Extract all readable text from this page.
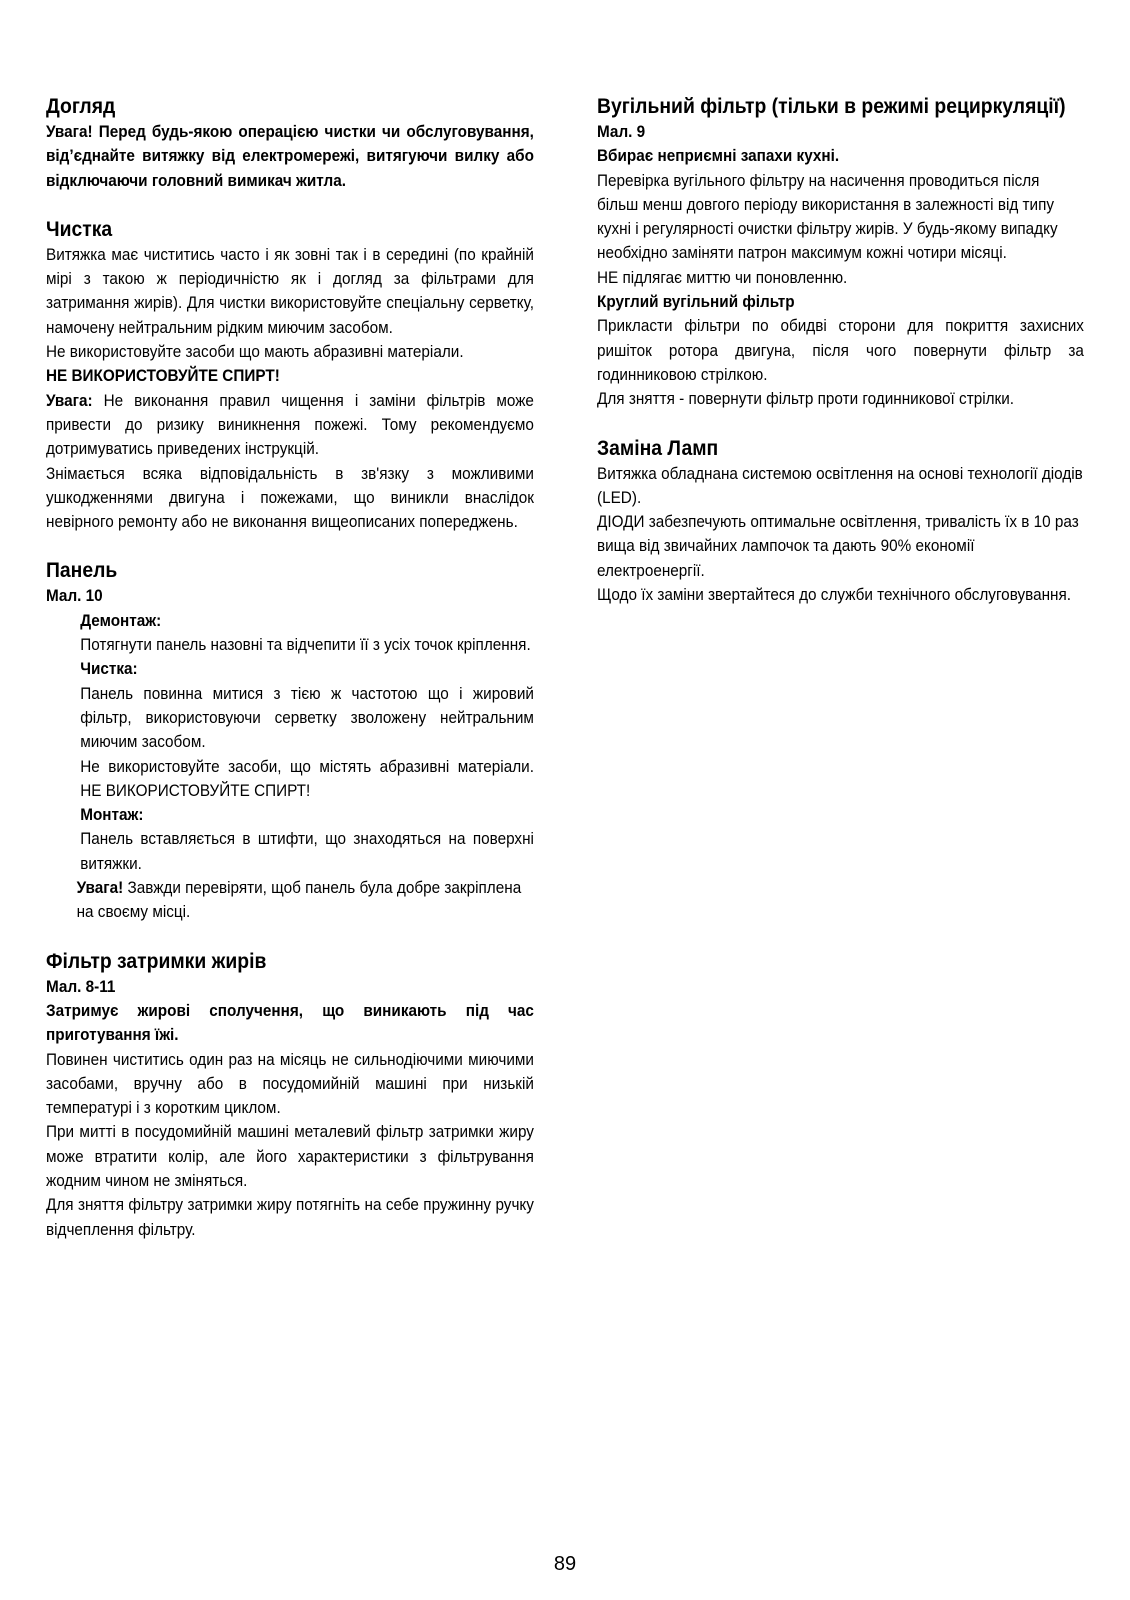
Догляд

Увага! Перед будь-якою операцією чистки чи обслуговування, від’єднайте витяжку від електромережі, витягуючи вилку або відключаючи головний вимикач житла.

Чистка

Витяжка має чиститись часто і як зовні так і в середині (по крайній мірі з такою ж періодичністю як і догляд за фільтрами для затримання жирів). Для чистки використовуйте спеціальну серветку, намочену нейтральним рідким миючим засобом.

Не використовуйте засоби що мають абразивні матеріали.

НЕ ВИКОРИСТОВУЙТЕ СПИРТ!

Увага: Не виконання правил чищення і заміни фільтрів може привести до ризику виникнення пожежі. Тому рекомендуємо дотримуватись приведених інструкцій.

Знімається всяка відповідальність в зв'язку з можливими ушкодженнями двигуна і пожежами, що виникли внаслідок невірного ремонту або не виконання вищеописаних попереджень.

Панель

Мал. 10

Демонтаж:

Потягнути панель назовні та відчепити її з усіх точок кріплення.

Чистка:

Панель повинна митися з тією ж частотою що і жировий фільтр, використовуючи серветку зволожену нейтральним миючим засобом.

Не використовуйте засоби, що містять абразивні матеріали. НЕ ВИКОРИСТОВУЙТЕ СПИРТ!

Монтаж:

Панель вставляється в штифти, що знаходяться на поверхні витяжки.

Увага! Завжди перевіряти, щоб панель була добре закріплена на своєму місці.

Фільтр затримки жирів

Мал. 8-11

Затримує жирові сполучення, що виникають під час приготування їжі.

Повинен чиститись один раз на місяць не сильнодіючими миючими засобами, вручну або в посудомийній машині при низькій температурі і з коротким циклом.

При митті в посудомийній машині металевий фільтр затримки жиру може втратити колір, але його характеристики з фільтрування жодним чином не зміняться.

Для зняття фільтру затримки жиру потягніть на себе пружинну ручку відчеплення фільтру.

Вугільний фільтр (тільки в режимі рециркуляції)

Мал. 9

Вбирає неприємні запахи кухні.

Перевірка вугільного фільтру на насичення проводиться після більш менш довгого періоду використання в залежності від типу кухні і регулярності очистки фільтру жирів. У будь-якому випадку необхідно заміняти патрон максимум кожні чотири місяці.

НЕ підлягає миттю чи поновленню.

Круглий вугільний фільтр

Прикласти фільтри по обидві сторони для покриття захисних ришіток ротора двигуна, після чого повернути фільтр за годинниковою стрілкою.

Для зняття - повернути фільтр проти годинникової стрілки.

Заміна Ламп

Витяжка обладнана системою освітлення на основі технології діодів (LED).

ДІОДИ забезпечують оптимальне освітлення, тривалість їх в 10 раз вища від звичайних лампочок та дають 90% економії електроенергії.

Щодо їх заміни звертайтеся до служби технічного обслуговування.

89
